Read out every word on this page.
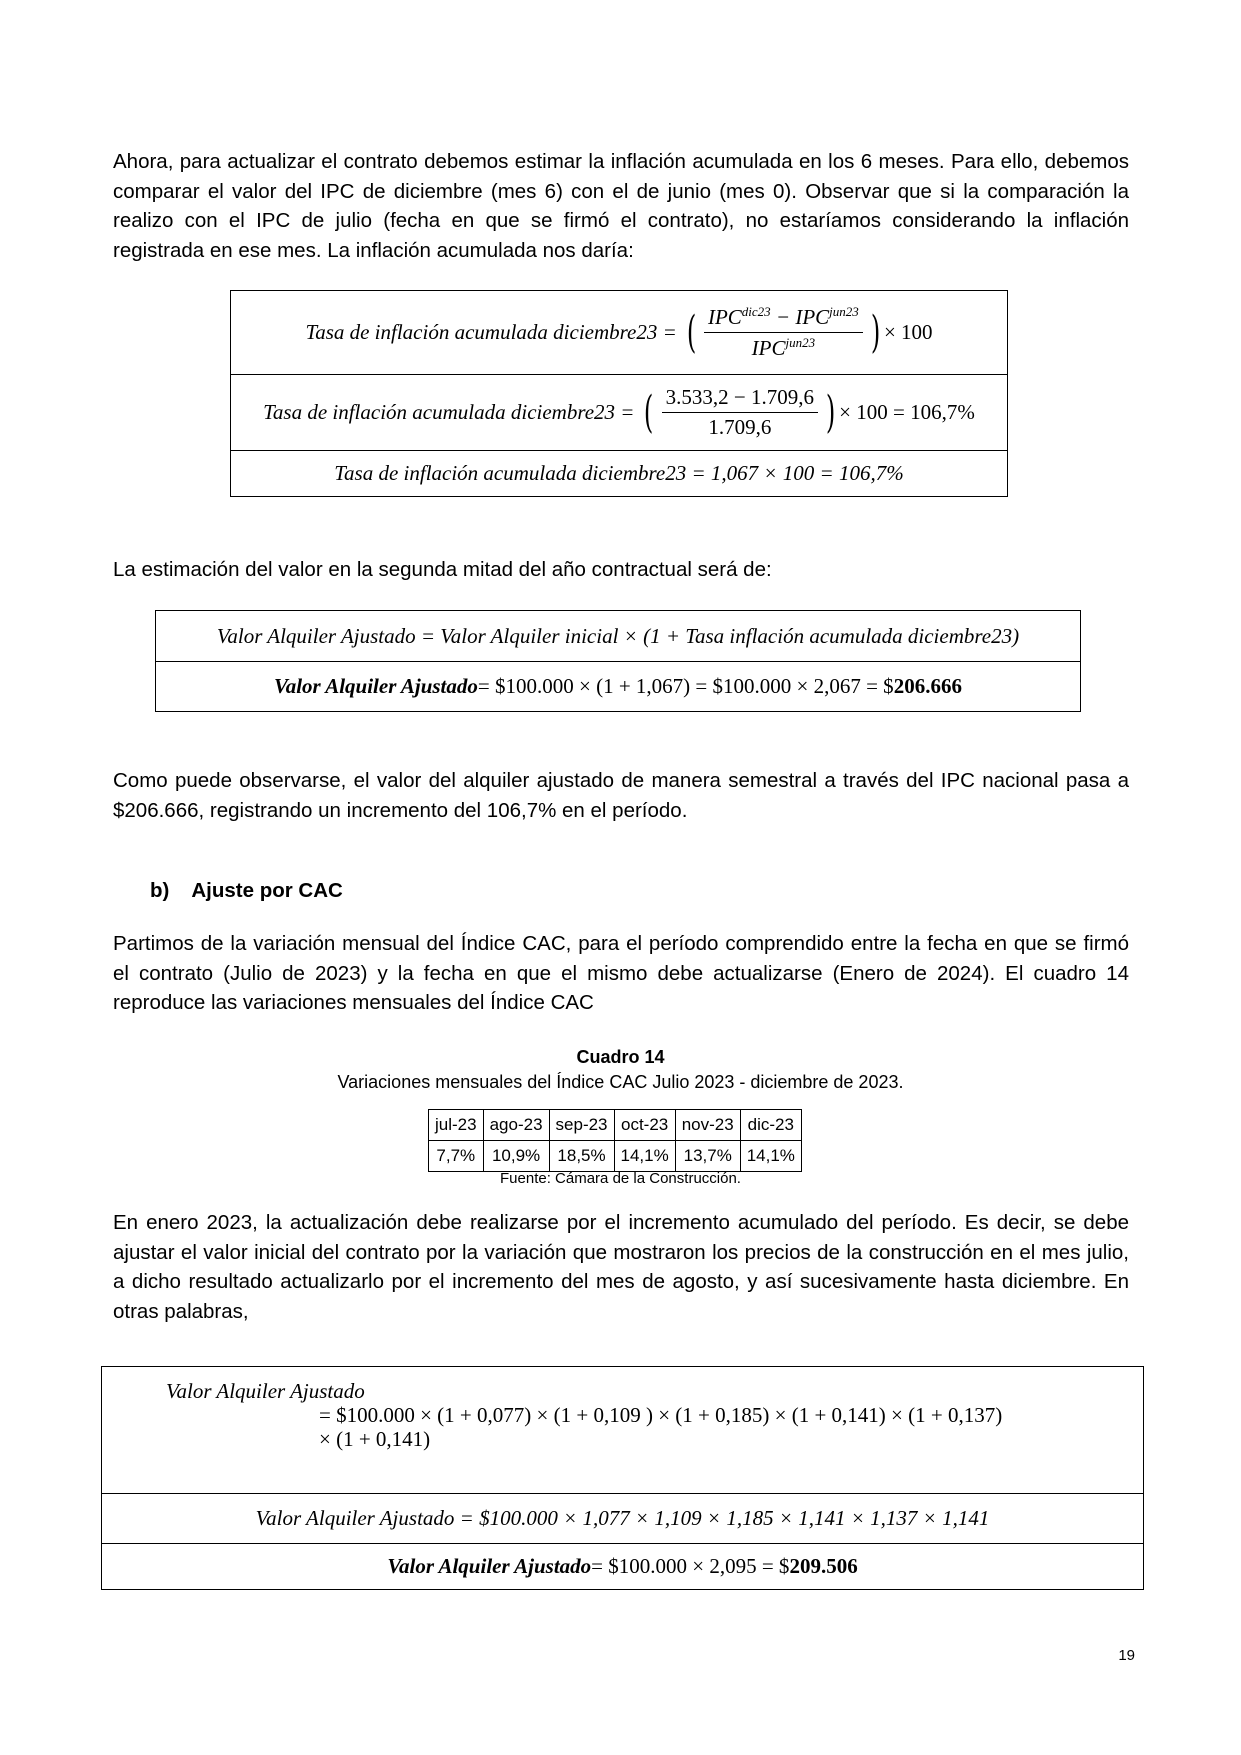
Ahora, para actualizar el contrato debemos estimar la inflación acumulada en los 6 meses. Para ello, debemos comparar el valor del IPC de diciembre (mes 6) con el de junio (mes 0). Observar que si la comparación la realizo con el IPC de julio (fecha en que se firmó el contrato), no estaríamos considerando la inflación registrada en ese mes. La inflación acumulada nos daría:

Tasa de inflación acumulada diciembre23 = ( $\frac{IPC^{dic23} - IPC^{jun23}}{IPC^{jun23}}$ ) × 100
Tasa de inflación acumulada diciembre23 = ( $\frac{3.533,2 - 1.709,6}{1.709,6}$ ) × 100 = 106,7%
Tasa de inflación acumulada diciembre23 = 1,067 × 100 = 106,7%

La estimación del valor en la segunda mitad del año contractual será de:

Valor Alquiler Ajustado = Valor Alquiler inicial × (1 + Tasa inflación acumulada diciembre23)
Valor Alquiler Ajustado = $100.000 × (1 + 1,067) = $100.000 × 2,067 = $ 206.666

Como puede observarse, el valor del alquiler ajustado de manera semestral a través del IPC nacional pasa a $206.666, registrando un incremento del 106,7% en el período.

b)    Ajuste por CAC

Partimos de la variación mensual del Índice CAC, para el período comprendido entre la fecha en que se firmó el contrato (Julio de 2023) y la fecha en que el mismo debe actualizarse (Enero de 2024). El cuadro 14 reproduce las variaciones mensuales del Índice CAC

Cuadro 14
Variaciones mensuales del Índice CAC Julio 2023 - diciembre de 2023.
jul-23	ago-23	sep-23	oct-23	nov-23	dic-23
7,7%	10,9%	18,5%	14,1%	13,7%	14,1%
Fuente: Cámara de la Construcción.

En enero 2023, la actualización debe realizarse por el incremento acumulado del período. Es decir, se debe ajustar el valor inicial del contrato por la variación que mostraron los precios de la construcción en el mes julio, a dicho resultado actualizarlo por el incremento del mes de agosto, y así sucesivamente hasta diciembre. En otras palabras,

Valor Alquiler Ajustado
= $100.000 × (1 + 0,077) × (1 + 0,109 ) × (1 + 0,185) × (1 + 0,141) × (1 + 0,137)
× (1 + 0,141)
Valor Alquiler Ajustado = $100.000 × 1,077 × 1,109 × 1,185 × 1,141 × 1,137 × 1,141
Valor Alquiler Ajustado = $100.000 × 2,095 = $ 209.506
19
